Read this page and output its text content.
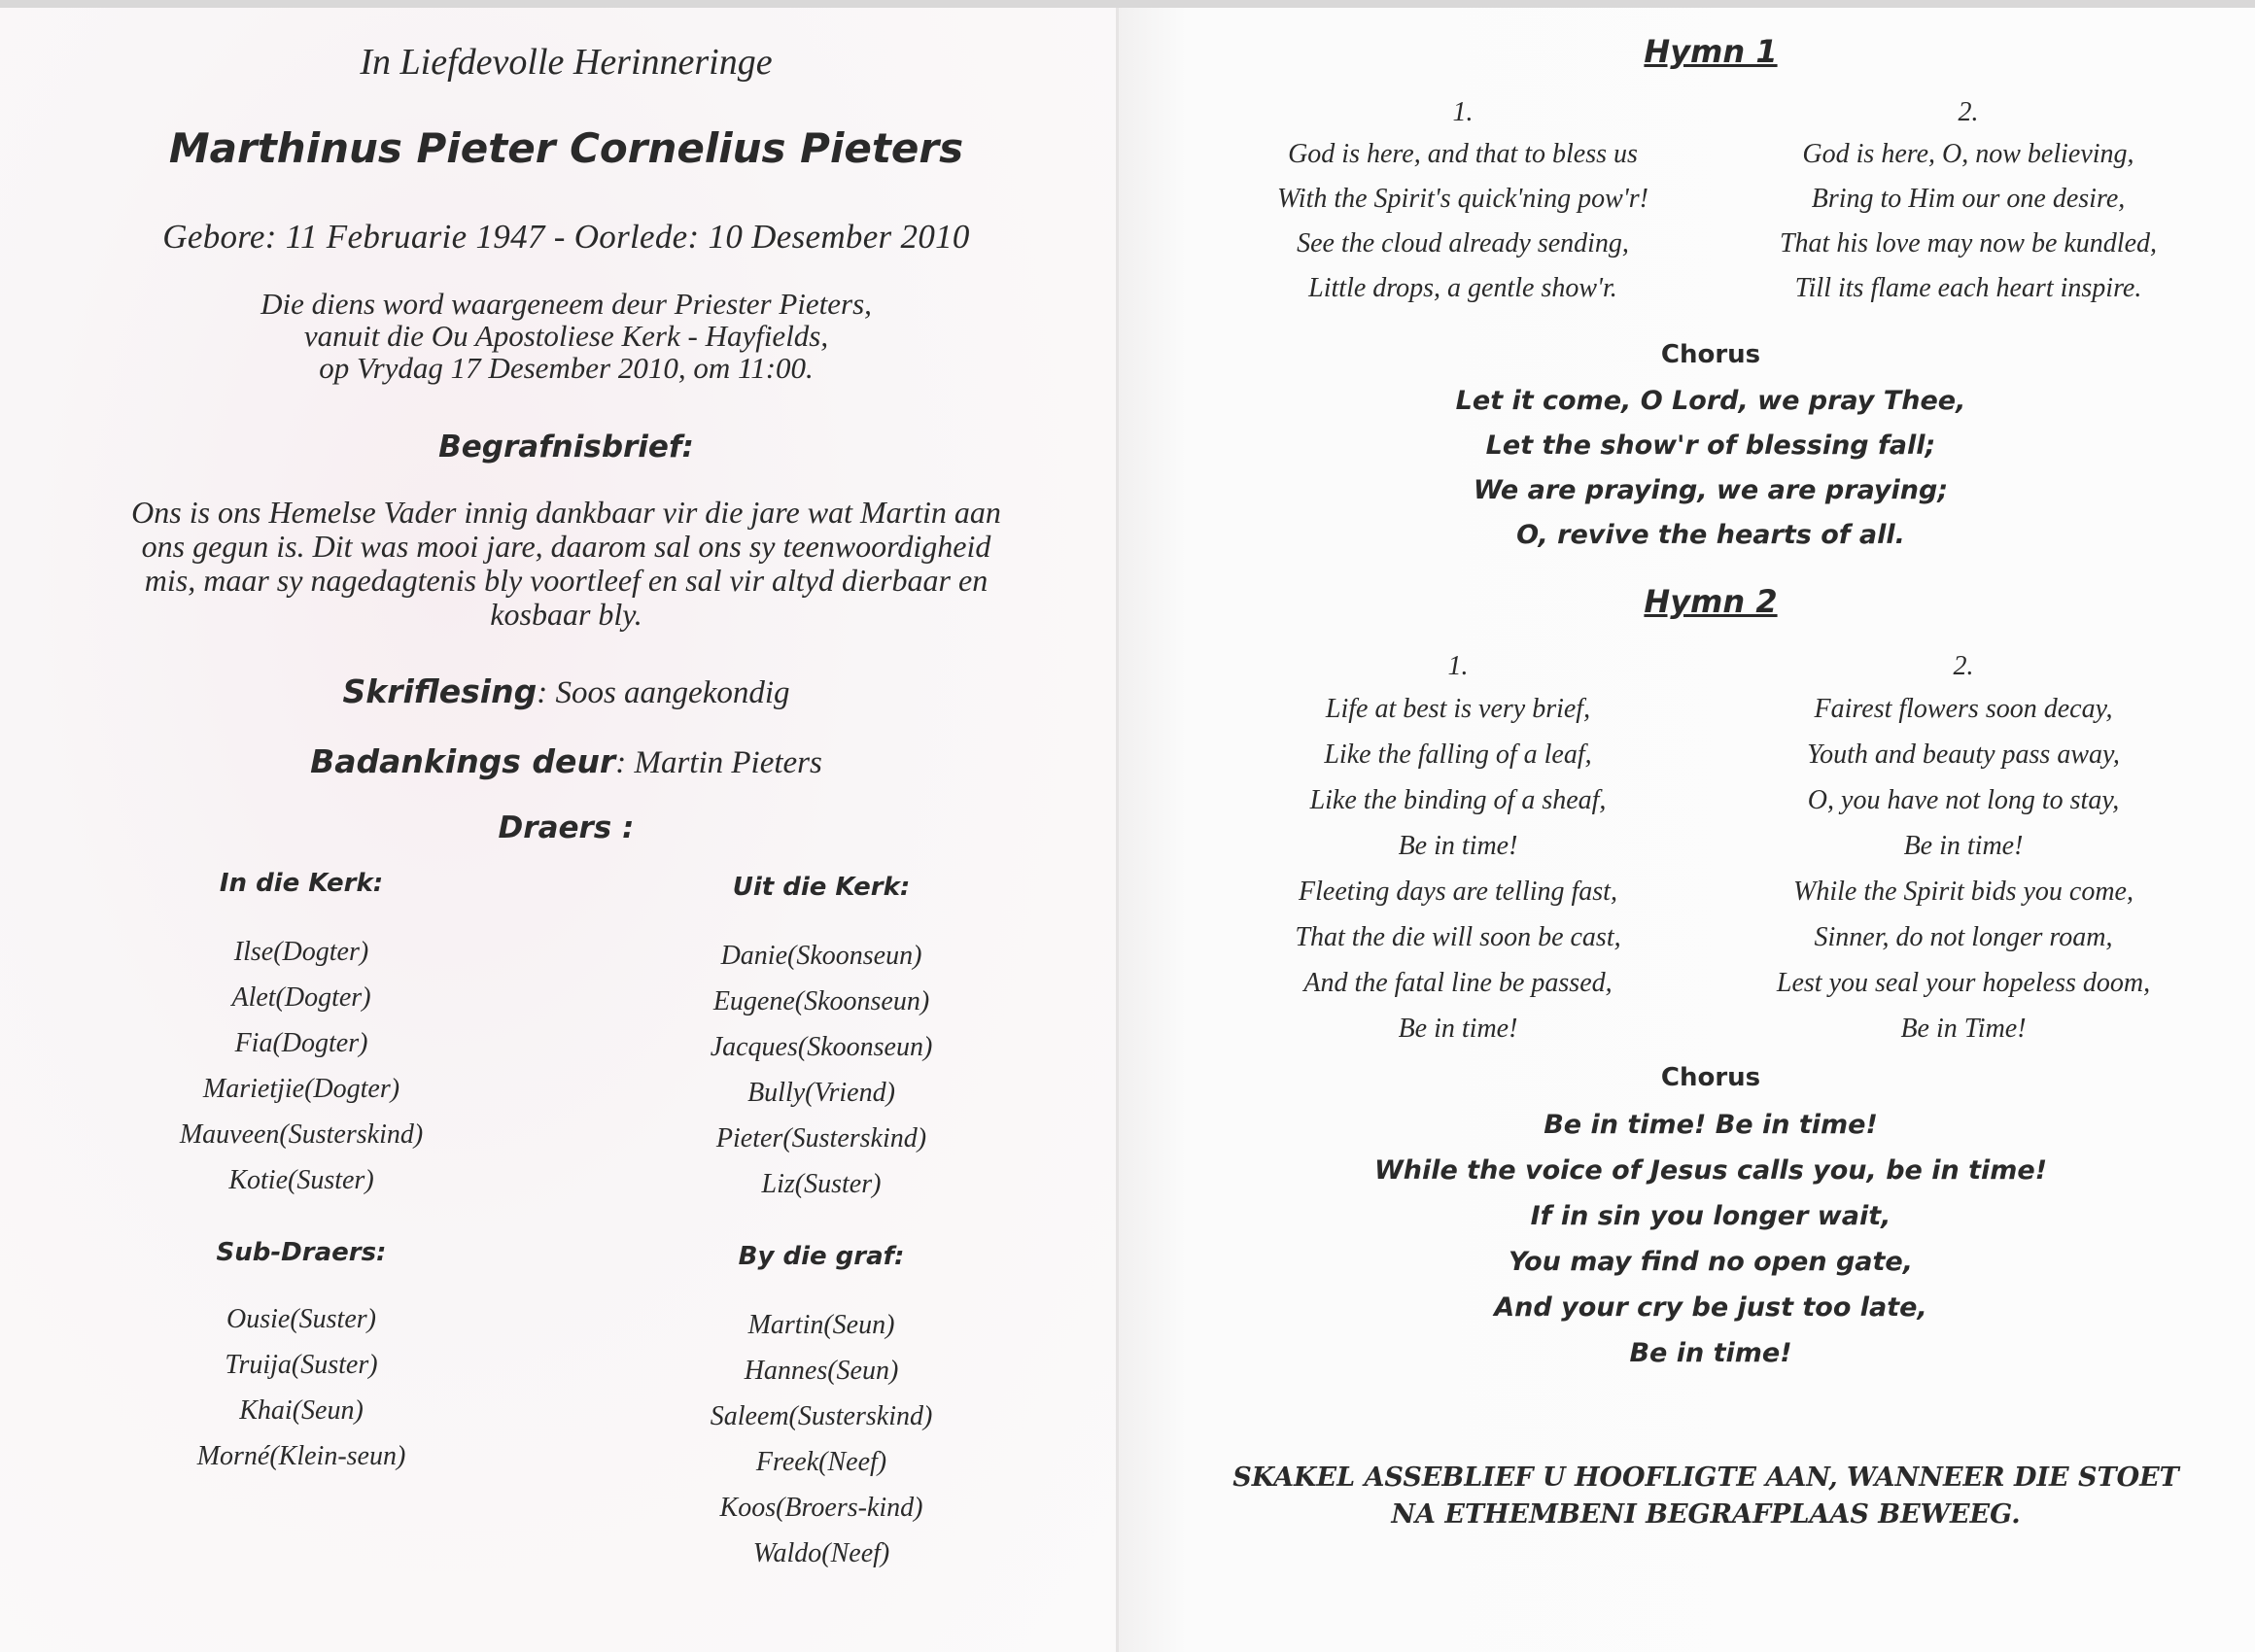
In Liefdevolle Herinneringe
Marthinus Pieter Cornelius Pieters
Gebore: 11 Februarie 1947 - Oorlede: 10 Desember 2010
Die diens word waargeneem deur Priester Pieters,
vanuit die Ou Apostoliese Kerk - Hayfields,
op Vrydag 17 Desember 2010, om 11:00.
Begrafnisbrief:
Ons is ons Hemelse Vader innig dankbaar vir die jare wat Martin aan
ons gegun is. Dit was mooi jare, daarom sal ons sy teenwoordigheid
mis, maar sy nagedagtenis bly voortleef en sal vir altyd dierbaar en
kosbaar bly.
Skriflesing: Soos aangekondig
Badankings deur: Martin Pieters
Draers :
In die Kerk:
Ilse(Dogter)
Alet(Dogter)
Fia(Dogter)
Marietjie(Dogter)
Mauveen(Susterskind)
Kotie(Suster)
Uit die Kerk:
Danie(Skoonseun)
Eugene(Skoonseun)
Jacques(Skoonseun)
Bully(Vriend)
Pieter(Susterskind)
Liz(Suster)
Sub-Draers:
Ousie(Suster)
Truija(Suster)
Khai(Seun)
Morné(Klein-seun)
By die graf:
Martin(Seun)
Hannes(Seun)
Saleem(Susterskind)
Freek(Neef)
Koos(Broers-kind)
Waldo(Neef)
Hymn 1
1.
God is here, and that to bless us
With the Spirit's quick'ning pow'r!
See the cloud already sending,
Little drops, a gentle show'r.
2.
God is here, O, now believing,
Bring to Him our one desire,
That his love may now be kundled,
Till its flame each heart inspire.
Chorus
Let it come, O Lord, we pray Thee,
Let the show'r of blessing fall;
We are praying, we are praying;
O, revive the hearts of all.
Hymn 2
1.
Life at best is very brief,
Like the falling of a leaf,
Like the binding of a sheaf,
Be in time!
Fleeting days are telling fast,
That the die will soon be cast,
And the fatal line be passed,
Be in time!
2.
Fairest flowers soon decay,
Youth and beauty pass away,
O, you have not long to stay,
Be in time!
While the Spirit bids you come,
Sinner, do not longer roam,
Lest you seal your hopeless doom,
Be in Time!
Chorus
Be in time! Be in time!
While the voice of Jesus calls you, be in time!
If in sin you longer wait,
You may find no open gate,
And your cry be just too late,
Be in time!
SKAKEL ASSEBLIEF U HOOFLIGTE AAN, WANNEER DIE STOET
NA ETHEMBENI BEGRAFPLAAS BEWEEG.
